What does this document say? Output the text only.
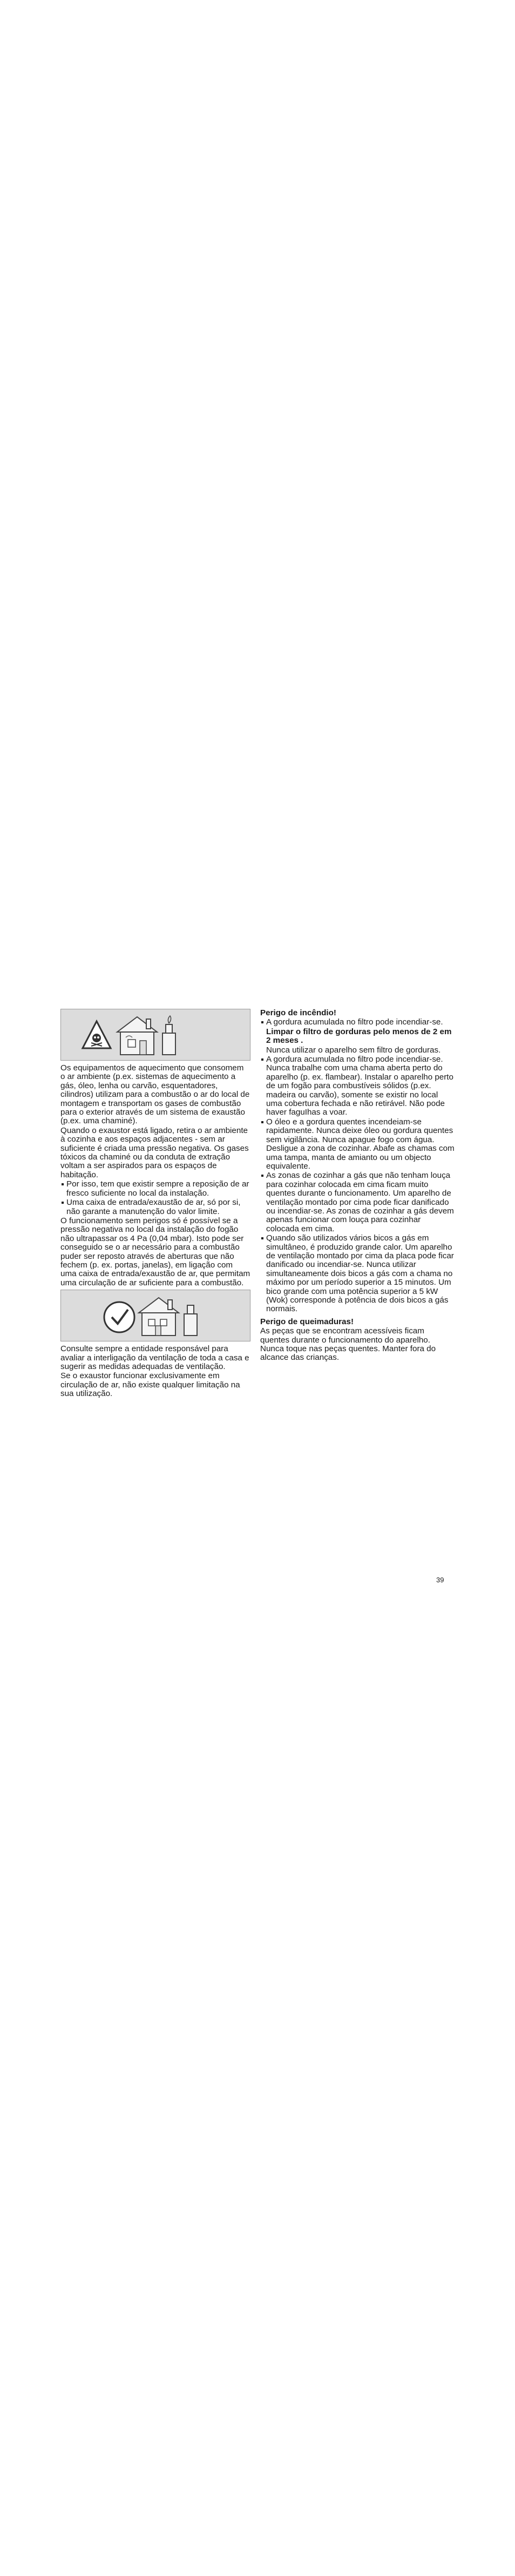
Os equipamentos de aquecimento que consomem o ar ambiente (p.ex. sistemas de aquecimento a gás, óleo, lenha ou carvão, esquentadores, cilindros) utilizam para a combustão o ar do local de montagem e transportam os gases de combustão para o exterior através de um sistema de exaustão (p.ex. uma chaminé).

Quando o exaustor está ligado, retira o ar ambiente à cozinha e aos espaços adjacentes - sem ar suficiente é criada uma pressão negativa. Os gases tóxicos da chaminé ou da conduta de extração voltam a ser aspirados para os espaços de habitação.

Por isso, tem que existir sempre a reposição de ar fresco suficiente no local da instalação.
Uma caixa de entrada/exaustão de ar, só por si, não garante a manutenção do valor limite.

O funcionamento sem perigos só é possível se a pressão negativa no local da instalação do fogão não ultrapassar os 4 Pa (0,04 mbar). Isto pode ser conseguido se o ar necessário para a combustão puder ser reposto através de aberturas que não fechem (p. ex. portas, janelas), em ligação com uma caixa de entrada/exaustão de ar, que permitam uma circulação de ar suficiente para a combustão.

Consulte sempre a entidade responsável para avaliar a interligação da ventilação de toda a casa e sugerir as medidas adequadas de ventilação.

Se o exaustor funcionar exclusivamente em circulação de ar, não existe qualquer limitação na sua utilização.

Perigo de incêndio!

A gordura acumulada no filtro pode incendiar-se.

Limpar o filtro de gorduras pelo menos de 2 em 2 meses .

Nunca utilizar o aparelho sem filtro de gorduras.

A gordura acumulada no filtro pode incendiar-se. Nunca trabalhe com uma chama aberta perto do aparelho (p. ex. flambear). Instalar o aparelho perto de um fogão para combustíveis sólidos (p.ex. madeira ou carvão), somente se existir no local uma cobertura fechada e não retirável. Não pode haver faguIhas a voar.
O óleo e a gordura quentes incendeiam-se rapidamente. Nunca deixe óleo ou gordura quentes sem vigilância. Nunca apague fogo com água. Desligue a zona de cozinhar. Abafe as chamas com uma tampa, manta de amianto ou um objecto equivalente.
As zonas de cozinhar a gás que não tenham louça para cozinhar colocada em cima ficam muito quentes durante o funcionamento. Um aparelho de ventilação montado por cima pode ficar danificado ou incendiar-se. As zonas de cozinhar a gás devem apenas funcionar com louça para cozinhar colocada em cima.
Quando são utilizados vários bicos a gás em simultâneo, é produzido grande calor. Um aparelho de ventilação montado por cima da placa pode ficar danificado ou incendiar-se. Nunca utilizar simultaneamente dois bicos a gás com a chama no máximo por um período superior a 15 minutos. Um bico grande com uma potência superior a 5 kW (Wok) corresponde à potência de dois bicos a gás normais.

Perigo de queimaduras!

As peças que se encontram acessíveis ficam quentes durante o funcionamento do aparelho. Nunca toque nas peças quentes. Manter fora do alcance das crianças.

39
